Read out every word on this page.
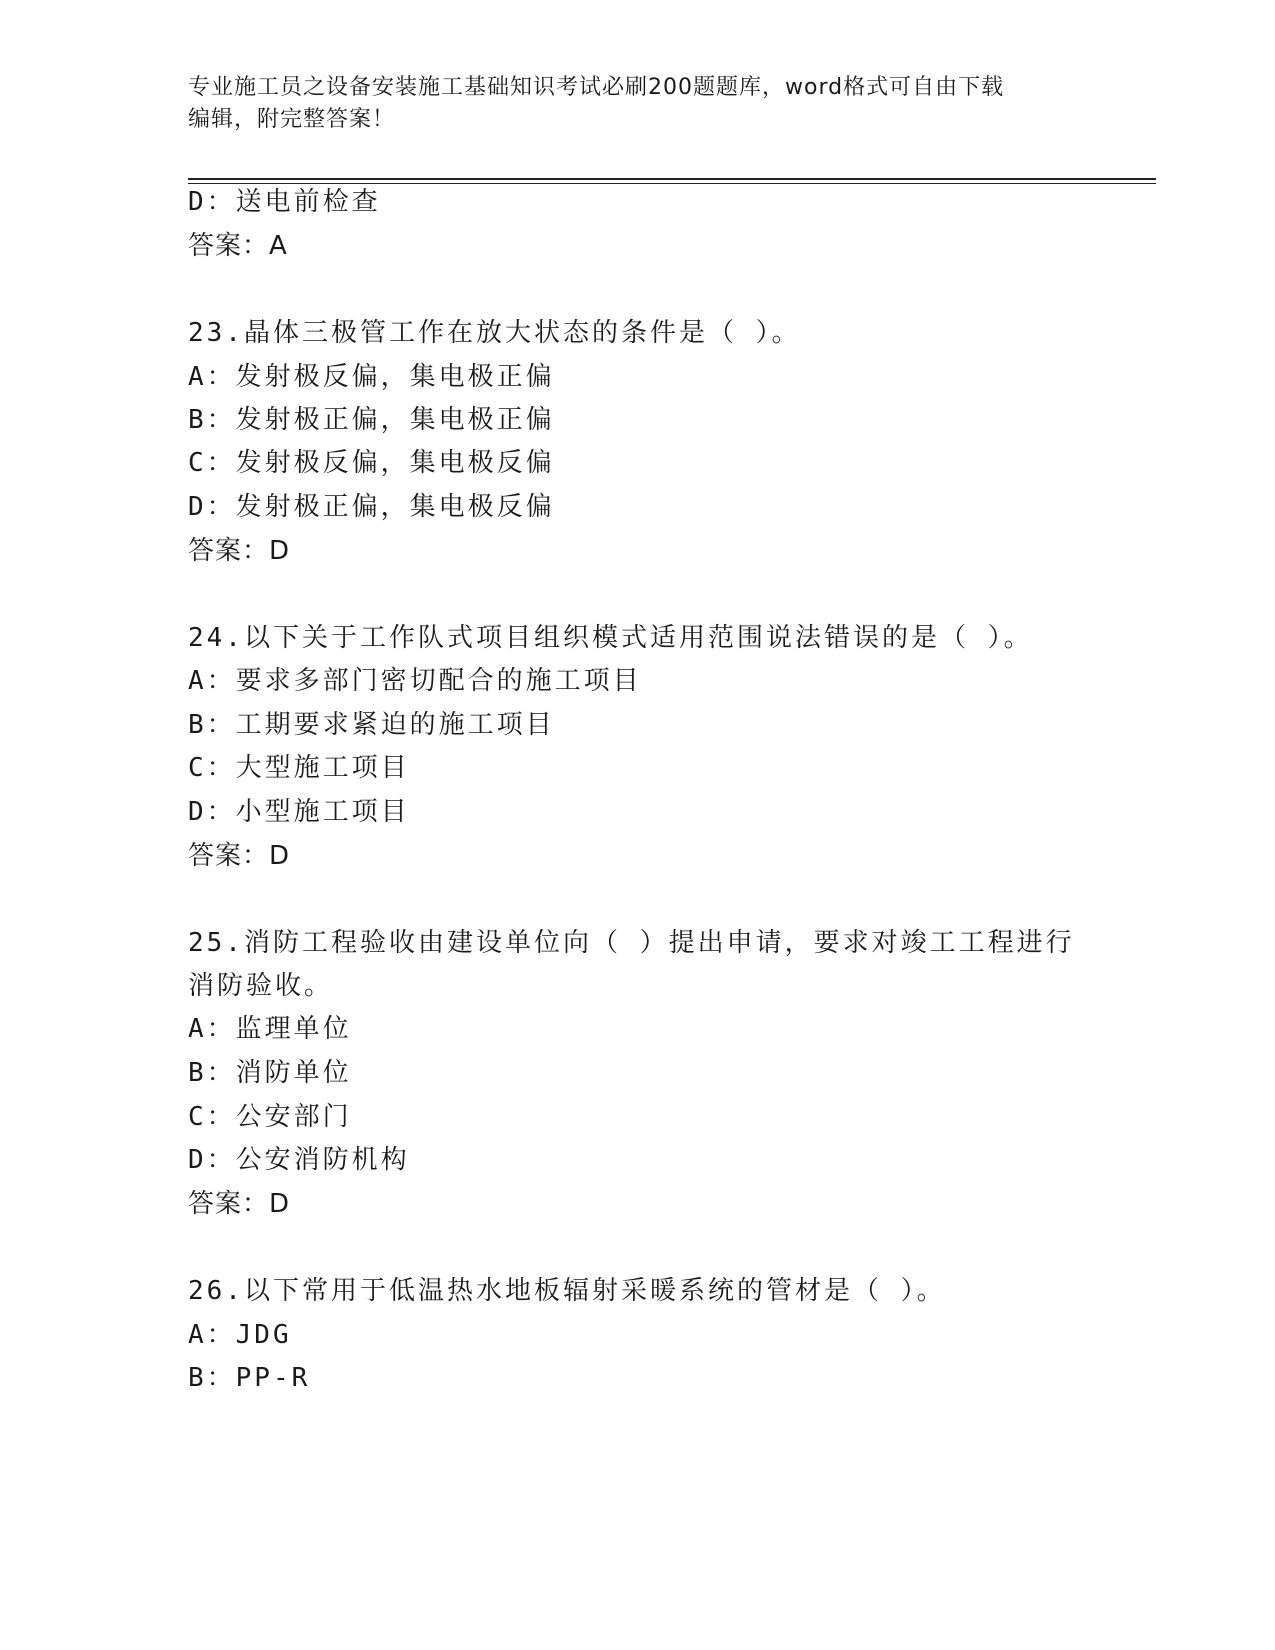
专业施工员之设备安装施工基础知识考试必刷200题题库，word格式可自由下载
编辑，附完整答案！
D：送电前检查
答案：A
23.晶体三极管工作在放大状态的条件是（ ）。
A：发射极反偏，集电极正偏
B：发射极正偏，集电极正偏
C：发射极反偏，集电极反偏
D：发射极正偏，集电极反偏
答案：D
24.以下关于工作队式项目组织模式适用范围说法错误的是（ ）。
A：要求多部门密切配合的施工项目
B：工期要求紧迫的施工项目
C：大型施工项目
D：小型施工项目
答案：D
25.消防工程验收由建设单位向（ ）提出申请，要求对竣工工程进行
消防验收。
A：监理单位
B：消防单位
C：公安部门
D：公安消防机构
答案：D
26.以下常用于低温热水地板辐射采暖系统的管材是（ ）。
A：JDG
B：PP-R
